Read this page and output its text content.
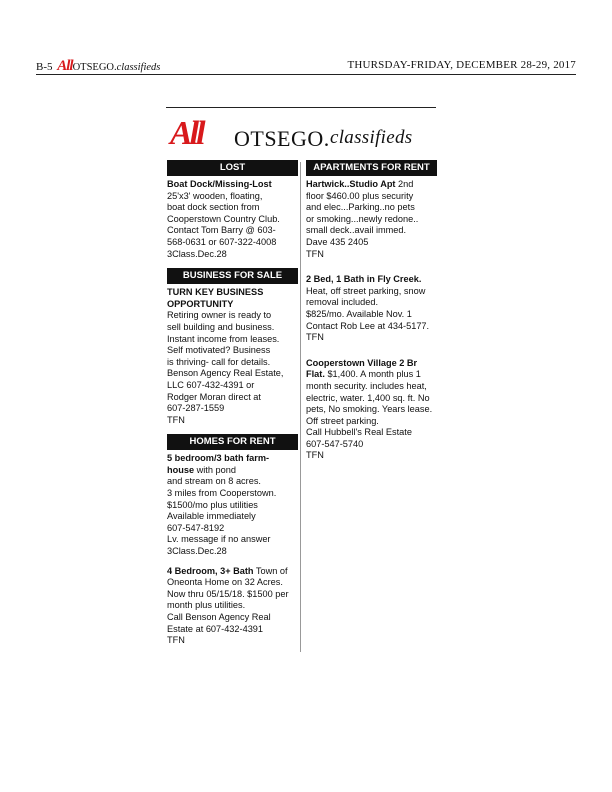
B-5 AllOTSEGO.classifieds	THURSDAY-FRIDAY, DECEMBER 28-29, 2017
All OTSEGO. classifieds
LOST

Boat Dock/Missing-Lost

25'x3' wooden, floating,

boat dock section from

Cooperstown Country Club.

Contact Tom Barry @ 603-

568-0631 or 607-322-4008

3Class.Dec.28

BUSINESS FOR SALE

TURN KEY BUSINESS

OPPORTUNITY

Retiring owner is ready to

sell building and business.

Instant income from leases.

Self motivated? Business

is thriving- call for details.

Benson Agency Real Estate,

LLC 607-432-4391 or

Rodger Moran direct at

607-287-1559

TFN

HOMES FOR RENT

5 bedroom/3 bath farm-

house with pond

and stream on 8 acres.

3 miles from Cooperstown.

$1500/mo plus utilities

Available immediately

607-547-8192

Lv. message if no answer

3Class.Dec.28

4 Bedroom, 3+ Bath Town of

Oneonta Home on 32 Acres.

Now thru 05/15/18. $1500 per

month plus utilities.

Call Benson Agency Real

Estate at 607-432-4391

TFN

APARTMENTS FOR RENT

Hartwick..Studio Apt 2nd

floor $460.00 plus security

and elec...Parking..no pets

or smoking...newly redone..

small deck..avail immed.

Dave 435 2405

TFN

2 Bed, 1 Bath in Fly Creek.

Heat, off street parking, snow

removal included.

$825/mo. Available Nov. 1

Contact Rob Lee at 434-5177.

TFN

Cooperstown Village 2 Br

Flat. $1,400. A month plus 1

month security. includes heat,

electric, water. 1,400 sq. ft. No

pets, No smoking. Years lease.

Off street parking.

Call Hubbell's Real Estate

607-547-5740

TFN
